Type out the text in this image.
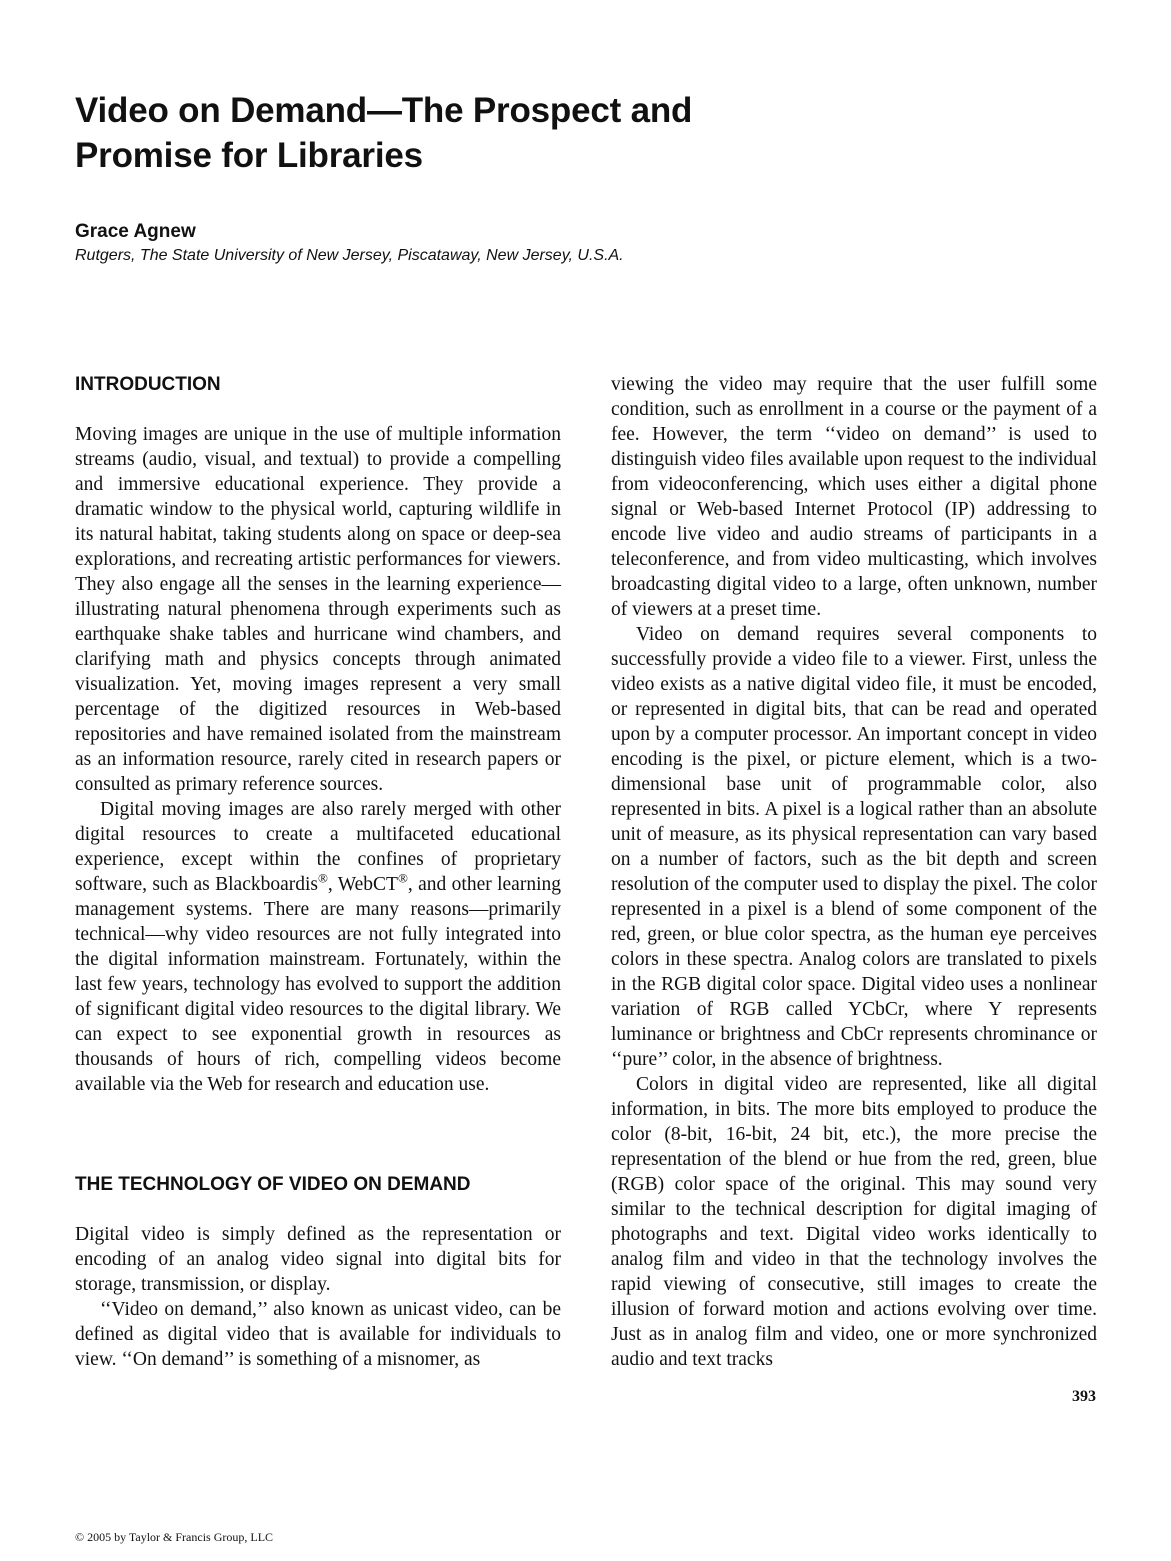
Video on Demand—The Prospect and
Promise for Libraries
Grace Agnew
Rutgers, The State University of New Jersey, Piscataway, New Jersey, U.S.A.
INTRODUCTION

Moving images are unique in the use of multiple information streams (audio, visual, and textual) to provide a compelling and immersive educational experience. They provide a dramatic window to the physical world, capturing wildlife in its natural habitat, taking students along on space or deep-sea explorations, and recreating artistic performances for viewers. They also engage all the senses in the learning experience—illustrating natural phenomena through experiments such as earthquake shake tables and hurricane wind chambers, and clarifying math and physics concepts through animated visualization. Yet, moving images represent a very small percentage of the digitized resources in Web-based repositories and have remained isolated from the mainstream as an information resource, rarely cited in research papers or consulted as primary reference sources.

Digital moving images are also rarely merged with other digital resources to create a multifaceted educational experience, except within the confines of proprietary software, such as Blackboardis®, WebCT®, and other learning management systems. There are many reasons—primarily technical—why video resources are not fully integrated into the digital information mainstream. Fortunately, within the last few years, technology has evolved to support the addition of significant digital video resources to the digital library. We can expect to see exponential growth in resources as thousands of hours of rich, compelling videos become available via the Web for research and education use.

THE TECHNOLOGY OF VIDEO ON DEMAND

Digital video is simply defined as the representation or encoding of an analog video signal into digital bits for storage, transmission, or display.

‘‘Video on demand,’’ also known as unicast video, can be defined as digital video that is available for individuals to view. ‘‘On demand’’ is something of a misnomer, as

viewing the video may require that the user fulfill some condition, such as enrollment in a course or the payment of a fee. However, the term ‘‘video on demand’’ is used to distinguish video files available upon request to the individual from videoconferencing, which uses either a digital phone signal or Web-based Internet Protocol (IP) addressing to encode live video and audio streams of participants in a teleconference, and from video multicasting, which involves broadcasting digital video to a large, often unknown, number of viewers at a preset time.

Video on demand requires several components to successfully provide a video file to a viewer. First, unless the video exists as a native digital video file, it must be encoded, or represented in digital bits, that can be read and operated upon by a computer processor. An important concept in video encoding is the pixel, or picture element, which is a two-dimensional base unit of programmable color, also represented in bits. A pixel is a logical rather than an absolute unit of measure, as its physical representation can vary based on a number of factors, such as the bit depth and screen resolution of the computer used to display the pixel. The color represented in a pixel is a blend of some component of the red, green, or blue color spectra, as the human eye perceives colors in these spectra. Analog colors are translated to pixels in the RGB digital color space. Digital video uses a nonlinear variation of RGB called YCbCr, where Y represents luminance or brightness and CbCr represents chrominance or ‘‘pure’’ color, in the absence of brightness.

Colors in digital video are represented, like all digital information, in bits. The more bits employed to produce the color (8-bit, 16-bit, 24 bit, etc.), the more precise the representation of the blend or hue from the red, green, blue (RGB) color space of the original. This may sound very similar to the technical description for digital imaging of photographs and text. Digital video works identically to analog film and video in that the technology involves the rapid viewing of consecutive, still images to create the illusion of forward motion and actions evolving over time. Just as in analog film and video, one or more synchronized audio and text tracks

393
© 2005 by Taylor & Francis Group, LLC
